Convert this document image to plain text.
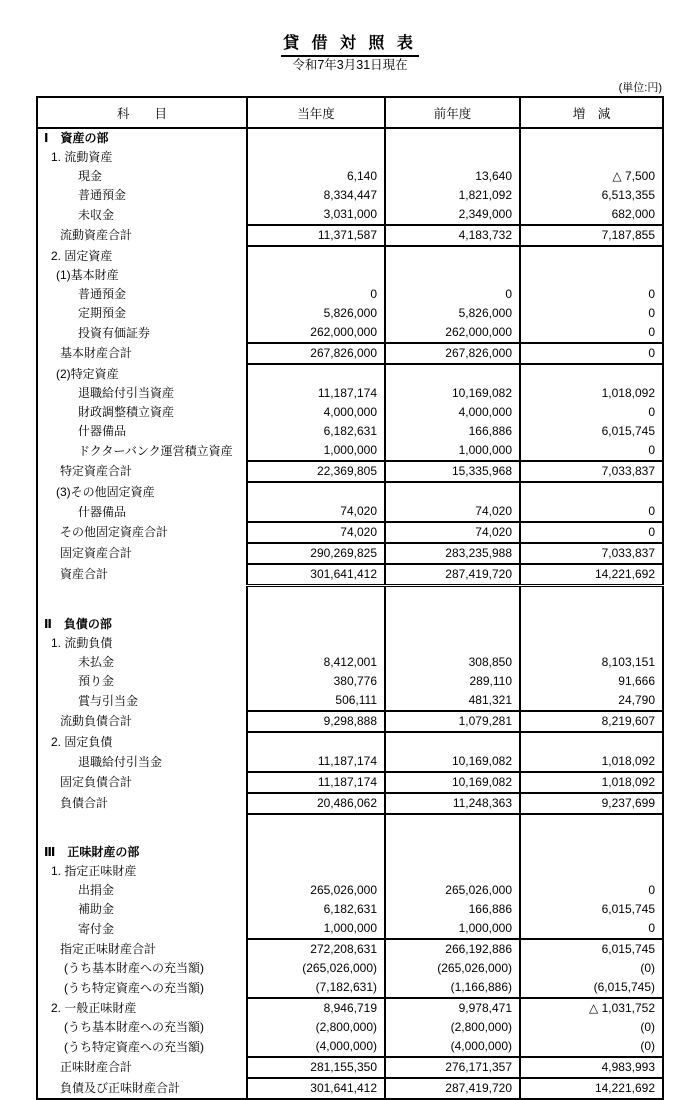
貸 借 対 照 表
令和7年3月31日現在
(単位:円)
科　　目	当年度	前年度	増　減
Ⅰ　資産の部			
1. 流動資産			
現金	6,140	13,640	△ 7,500
普通預金	8,334,447	1,821,092	6,513,355
未収金	3,031,000	2,349,000	682,000
流動資産合計	11,371,587	4,183,732	7,187,855
2. 固定資産			
(1)基本財産			
普通預金	0	0	0
定期預金	5,826,000	5,826,000	0
投資有価証券	262,000,000	262,000,000	0
基本財産合計	267,826,000	267,826,000	0
(2)特定資産			
退職給付引当資産	11,187,174	10,169,082	1,018,092
財政調整積立資産	4,000,000	4,000,000	0
什器備品	6,182,631	166,886	6,015,745
ドクターバンク運営積立資産	1,000,000	1,000,000	0
特定資産合計	22,369,805	15,335,968	7,033,837
(3)その他固定資産			
什器備品	74,020	74,020	0
その他固定資産合計	74,020	74,020	0
固定資産合計	290,269,825	283,235,988	7,033,837
資産合計	301,641,412	287,419,720	14,221,692

Ⅱ　負債の部			
1. 流動負債			
未払金	8,412,001	308,850	8,103,151
預り金	380,776	289,110	91,666
賞与引当金	506,111	481,321	24,790
流動負債合計	9,298,888	1,079,281	8,219,607
2. 固定負債			
退職給付引当金	11,187,174	10,169,082	1,018,092
固定負債合計	11,187,174	10,169,082	1,018,092
負債合計	20,486,062	11,248,363	9,237,699

Ⅲ　正味財産の部			
1. 指定正味財産			
出捐金	265,026,000	265,026,000	0
補助金	6,182,631	166,886	6,015,745
寄付金	1,000,000	1,000,000	0
指定正味財産合計	272,208,631	266,192,886	6,015,745
(うち基本財産への充当額)	(265,026,000)	(265,026,000)	(0)
(うち特定資産への充当額)	(7,182,631)	(1,166,886)	(6,015,745)
2. 一般正味財産	8,946,719	9,978,471	△ 1,031,752
(うち基本財産への充当額)	(2,800,000)	(2,800,000)	(0)
(うち特定資産への充当額)	(4,000,000)	(4,000,000)	(0)
正味財産合計	281,155,350	276,171,357	4,983,993
負債及び正味財産合計	301,641,412	287,419,720	14,221,692
